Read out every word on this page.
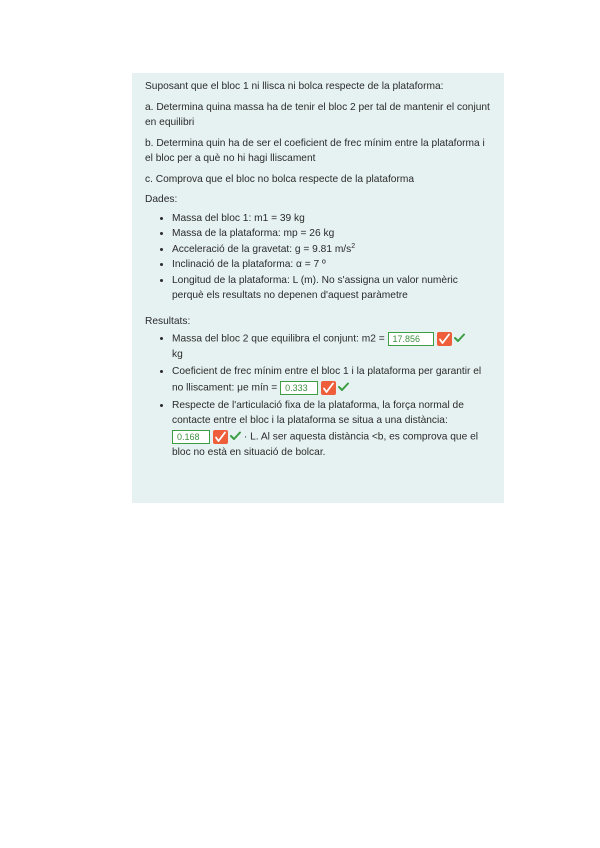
Suposant que el bloc 1 ni llisca ni bolca respecte de la plataforma:

a. Determina quina massa ha de tenir el bloc 2 per tal de mantenir el conjunt en equilibri

b. Determina quin ha de ser el coeficient de frec mínim entre la plataforma i el bloc per a què no hi hagi lliscament

c. Comprova que el bloc no bolca respecte de la plataforma

Dades:

• Massa del bloc 1: m1 = 39 kg
• Massa de la plataforma: mp = 26 kg
• Acceleració de la gravetat: g = 9.81 $m/s^2$
• Inclinació de la plataforma: α = 7 º
• Longitud de la plataforma: L (m). No s'assigna un valor numèric perquè els resultats no depenen d'aquest paràmetre

Resultats:

• Massa del bloc 2 que equilibra el conjunt: m2 = 17.856

kg
• Coeficient de frec mínim entre el bloc 1 i la plataforma per garantir el no lliscament: μe mín = 0.333
• Respecte de l'articulació fixa de la plataforma, la força normal de contacte entre el bloc i la plataforma se situa a una distància:
0.168	· L. Al ser aquesta distància <b, es comprova que el bloc no està en situació de bolcar.
